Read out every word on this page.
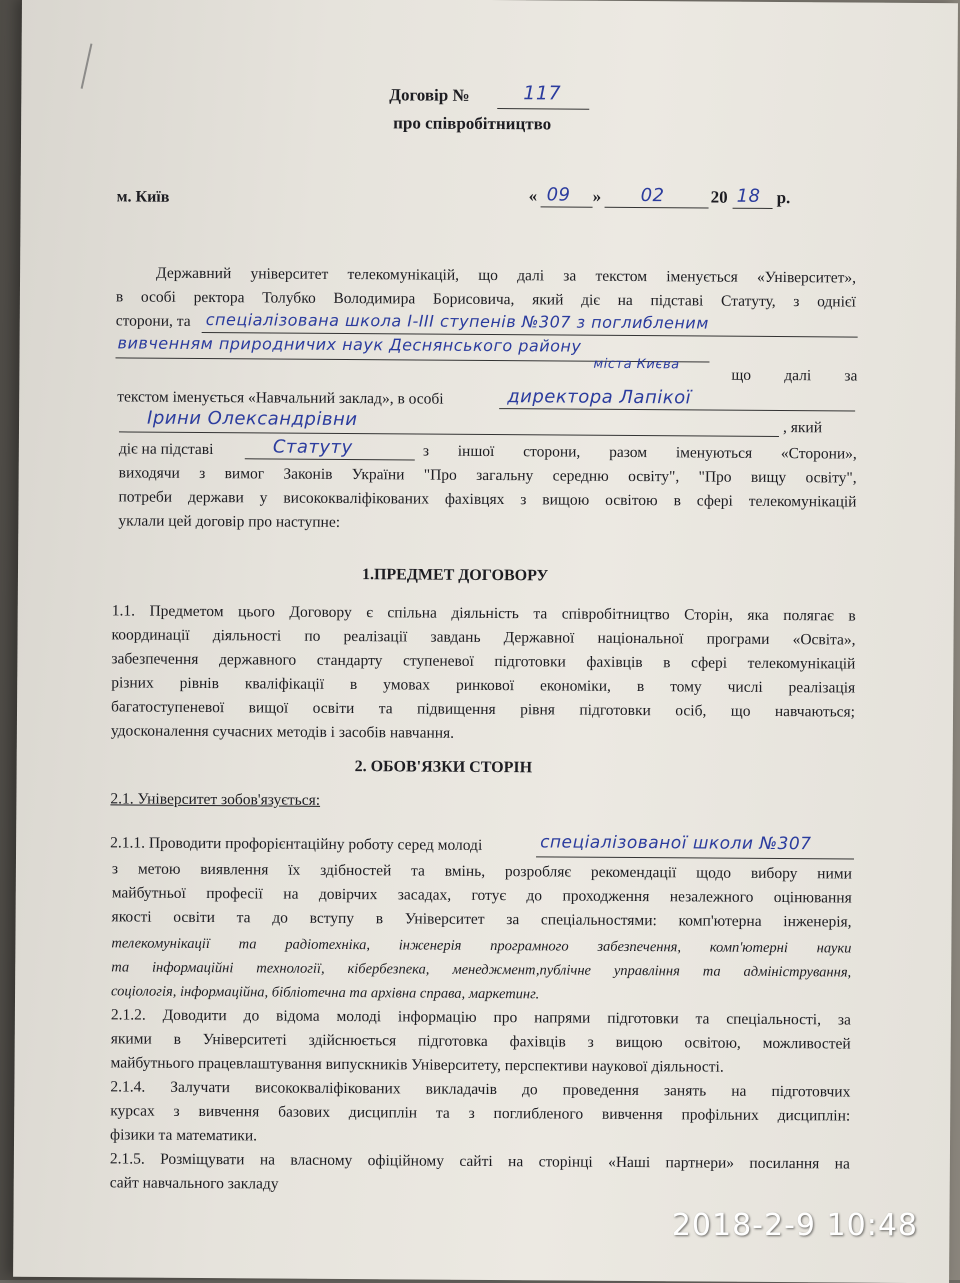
Договір №	117
про співробітництво
м. Київ	« 09 » 02	20 18 р.
Державний університет телекомунікацій, що далі за текстом іменується «Університет»,
в особі ректора Толубко Володимира Борисовича, який діє на підставі Статуту, з однієї
сторони, та спеціалізована школа І-ІІІ ступенів №307 з поглибленим
вивченням природничих наук Деснянського району
міста Києва
що далі за
текстом іменується «Навчальний заклад», в особі	директора Лапікої
Ірини Олександрівни	, який
діє на підставі	Статуту	з іншої сторони, разом іменуються «Сторони»,
виходячи з вимог Законів України "Про загальну середню освіту", "Про вищу освіту",
потреби держави у висококваліфікованих фахівцях з вищою освітою в сфері телекомунікацій
уклали цей договір про наступне:
1.ПРЕДМЕТ ДОГОВОРУ
1.1. Предметом цього Договору є спільна діяльність та співробітництво Сторін, яка полягає в
координації діяльності по реалізації завдань Державної національної програми «Освіта»,
забезпечення державного стандарту ступеневої підготовки фахівців в сфері телекомунікацій
різних рівнів кваліфікації в умовах ринкової економіки, в тому числі реалізація
багатоступеневої вищої освіти та підвищення рівня підготовки осіб, що навчаються;
удосконалення сучасних методів і засобів навчання.
2. ОБОВ'ЯЗКИ СТОРІН
2.1. Університет зобов'язується:
2.1.1. Проводити профорієнтаційну роботу серед молоді	спеціалізованої школи №307
з метою виявлення їх здібностей та вмінь, розробляє рекомендації щодо вибору ними
майбутньої професії на довірчих засадах, готує до проходження незалежного оцінювання
якості освіти та до вступу в Університет за спеціальностями: комп'ютерна інженерія,
телекомунікації та радіотехніка, інженерія програмного забезпечення, комп'ютерні науки
та інформаційні технології, кібербезпека, менеджмент,публічне управління та адміністрування,
соціологія, інформаційна, бібліотечна та архівна справа, маркетинг.
2.1.2. Доводити до відома молоді інформацію про напрями підготовки та спеціальності, за
якими в Університеті здійснюється підготовка фахівців з вищою освітою, можливостей
майбутнього працевлаштування випускників Університету, перспективи наукової діяльності.
2.1.4. Залучати висококваліфікованих викладачів до проведення занять на підготовчих
курсах з вивчення базових дисциплін та з поглибленого вивчення профільних дисциплін:
фізики та математики.
2.1.5. Розміщувати на власному офіційному сайті на сторінці «Наші партнери» посилання на
сайт навчального закладу
2018-2-9 10:48
